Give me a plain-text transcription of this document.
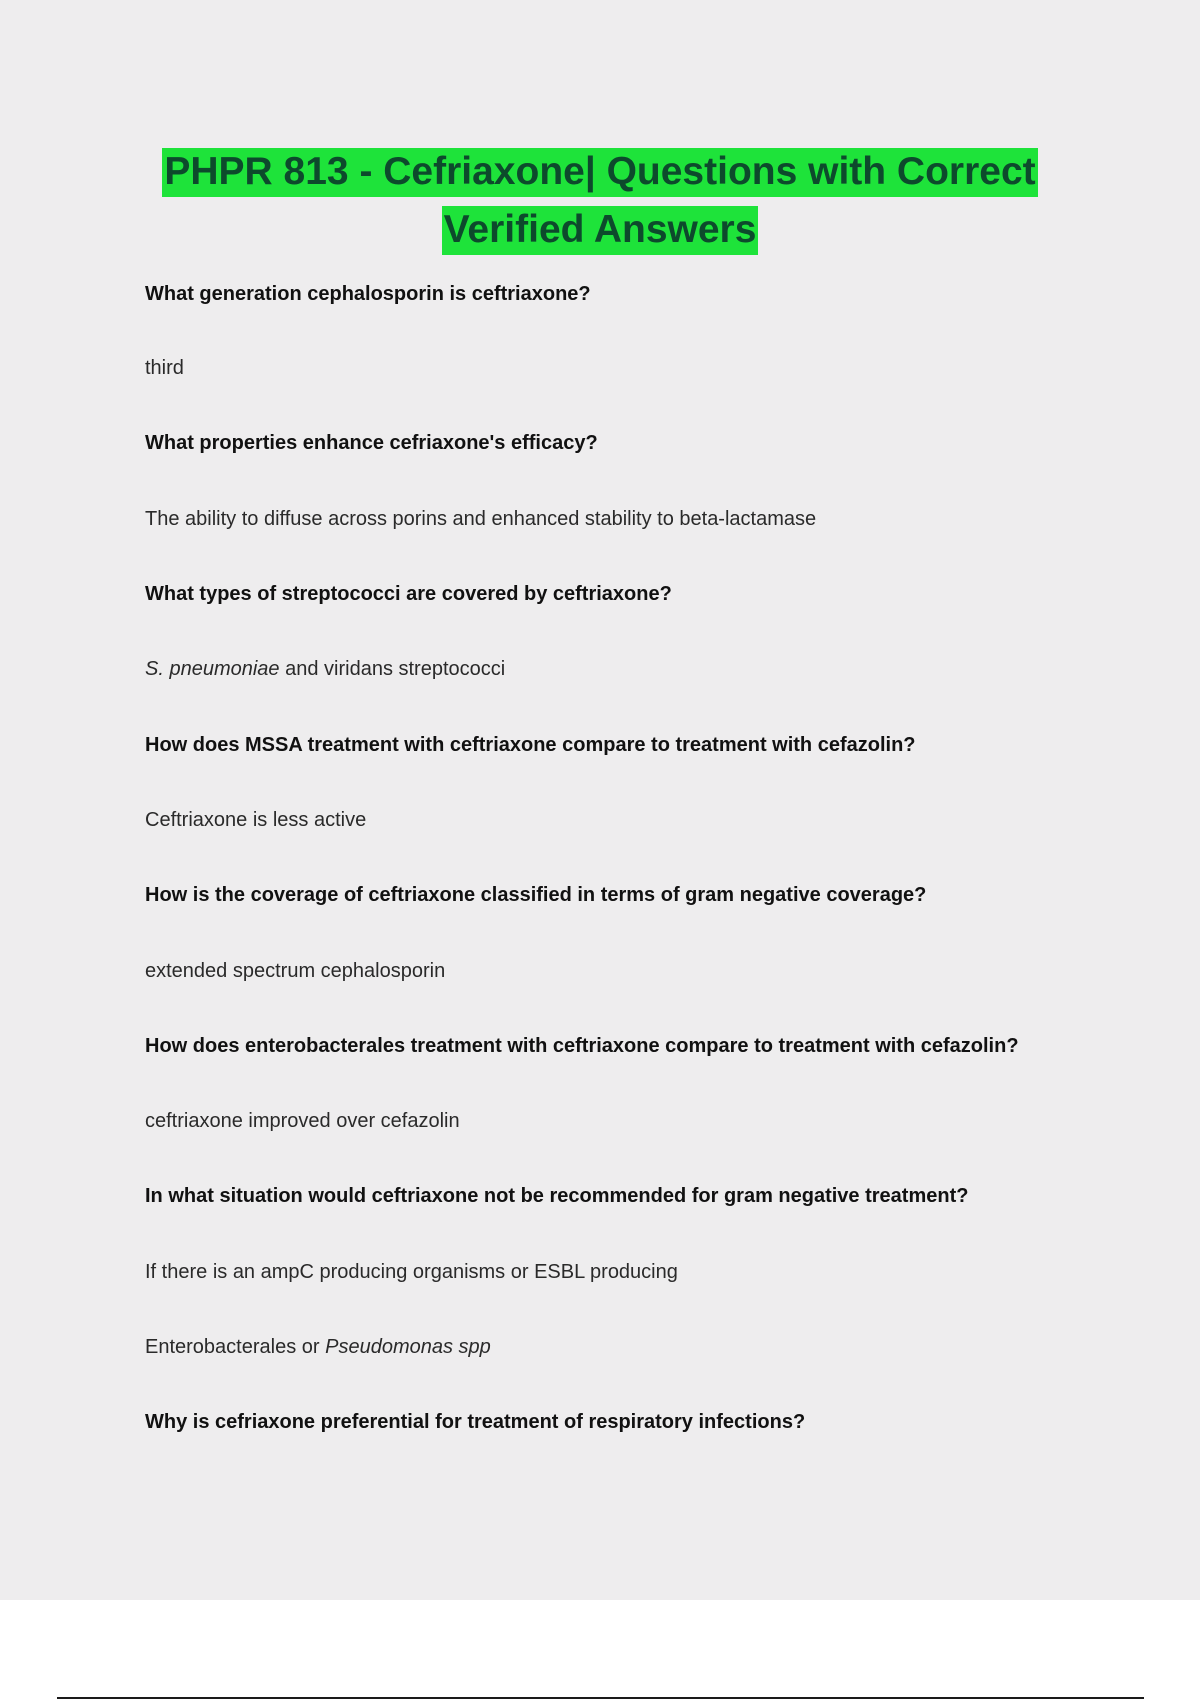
PHPR 813 - Cefriaxone| Questions with Correct
Verified Answers

What generation cephalosporin is ceftriaxone?

third

What properties enhance cefriaxone's efficacy?

The ability to diffuse across porins and enhanced stability to beta-lactamase

What types of streptococci are covered by ceftriaxone?

S. pneumoniae and viridans streptococci

How does MSSA treatment with ceftriaxone compare to treatment with cefazolin?

Ceftriaxone is less active

How is the coverage of ceftriaxone classified in terms of gram negative coverage?

extended spectrum cephalosporin

How does enterobacterales treatment with ceftriaxone compare to treatment with cefazolin?

ceftriaxone improved over cefazolin

In what situation would ceftriaxone not be recommended for gram negative treatment?

If there is an ampC producing organisms or ESBL producing

Enterobacterales or Pseudomonas spp

Why is cefriaxone preferential for treatment of respiratory infections?
